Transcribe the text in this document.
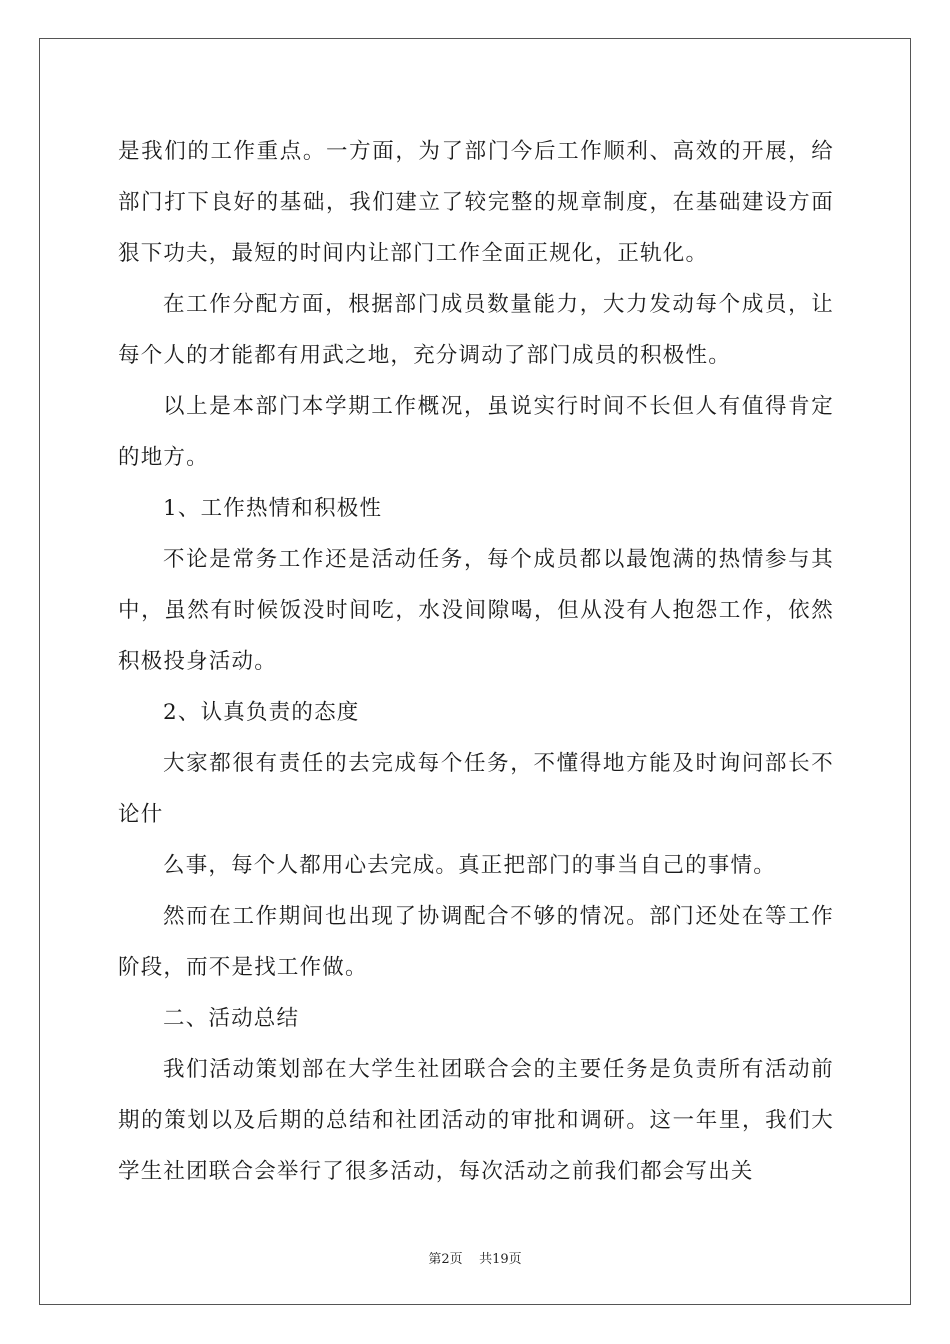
是我们的工作重点。一方面，为了部门今后工作顺利、高效的开展，给部门打下良好的基础，我们建立了较完整的规章制度，在基础建设方面狠下功夫，最短的时间内让部门工作全面正规化，正轨化。

在工作分配方面，根据部门成员数量能力，大力发动每个成员，让每个人的才能都有用武之地，充分调动了部门成员的积极性。

以上是本部门本学期工作概况，虽说实行时间不长但人有值得肯定的地方。

1、工作热情和积极性

不论是常务工作还是活动任务，每个成员都以最饱满的热情参与其中，虽然有时候饭没时间吃，水没间隙喝，但从没有人抱怨工作，依然积极投身活动。

2、认真负责的态度

大家都很有责任的去完成每个任务，不懂得地方能及时询问部长不论什

么事，每个人都用心去完成。真正把部门的事当自己的事情。

然而在工作期间也出现了协调配合不够的情况。部门还处在等工作阶段，而不是找工作做。

二、活动总结

我们活动策划部在大学生社团联合会的主要任务是负责所有活动前期的策划以及后期的总结和社团活动的审批和调研。这一年里，我们大学生社团联合会举行了很多活动，每次活动之前我们都会写出关

第2页 共19页
